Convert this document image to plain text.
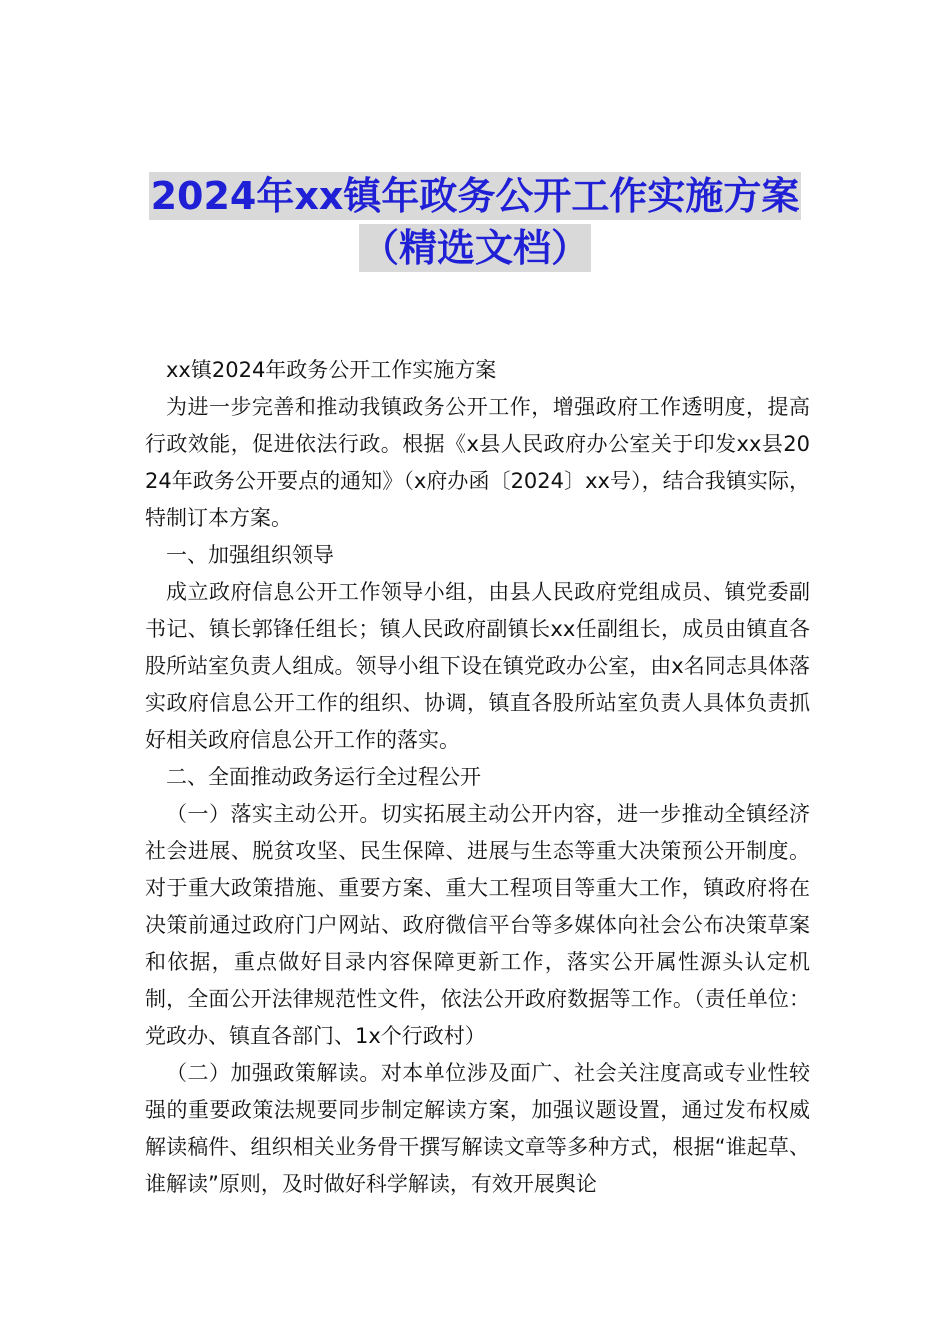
2024年xx镇年政务公开工作实施方案
（精选文档）

xx镇2024年政务公开工作实施方案

为进一步完善和推动我镇政务公开工作，增强政府工作透明度，提高行政效能，促进依法行政。根据《x县人民政府办公室关于印发xx县2024年政务公开要点的通知》（x府办函〔2024〕xx号），结合我镇实际，特制订本方案。

一、加强组织领导

成立政府信息公开工作领导小组，由县人民政府党组成员、镇党委副书记、镇长郭锋任组长；镇人民政府副镇长xx任副组长，成员由镇直各股所站室负责人组成。领导小组下设在镇党政办公室，由x名同志具体落实政府信息公开工作的组织、协调，镇直各股所站室负责人具体负责抓好相关政府信息公开工作的落实。

二、全面推动政务运行全过程公开

（一）落实主动公开。切实拓展主动公开内容，进一步推动全镇经济社会进展、脱贫攻坚、民生保障、进展与生态等重大决策预公开制度。对于重大政策措施、重要方案、重大工程项目等重大工作，镇政府将在决策前通过政府门户网站、政府微信平台等多媒体向社会公布决策草案和依据，重点做好目录内容保障更新工作，落实公开属性源头认定机制，全面公开法律规范性文件，依法公开政府数据等工作。（责任单位：党政办、镇直各部门、1x个行政村）

（二）加强政策解读。对本单位涉及面广、社会关注度高或专业性较强的重要政策法规要同步制定解读方案，加强议题设置，通过发布权威解读稿件、组织相关业务骨干撰写解读文章等多种方式，根据“谁起草、谁解读”原则，及时做好科学解读，有效开展舆论
